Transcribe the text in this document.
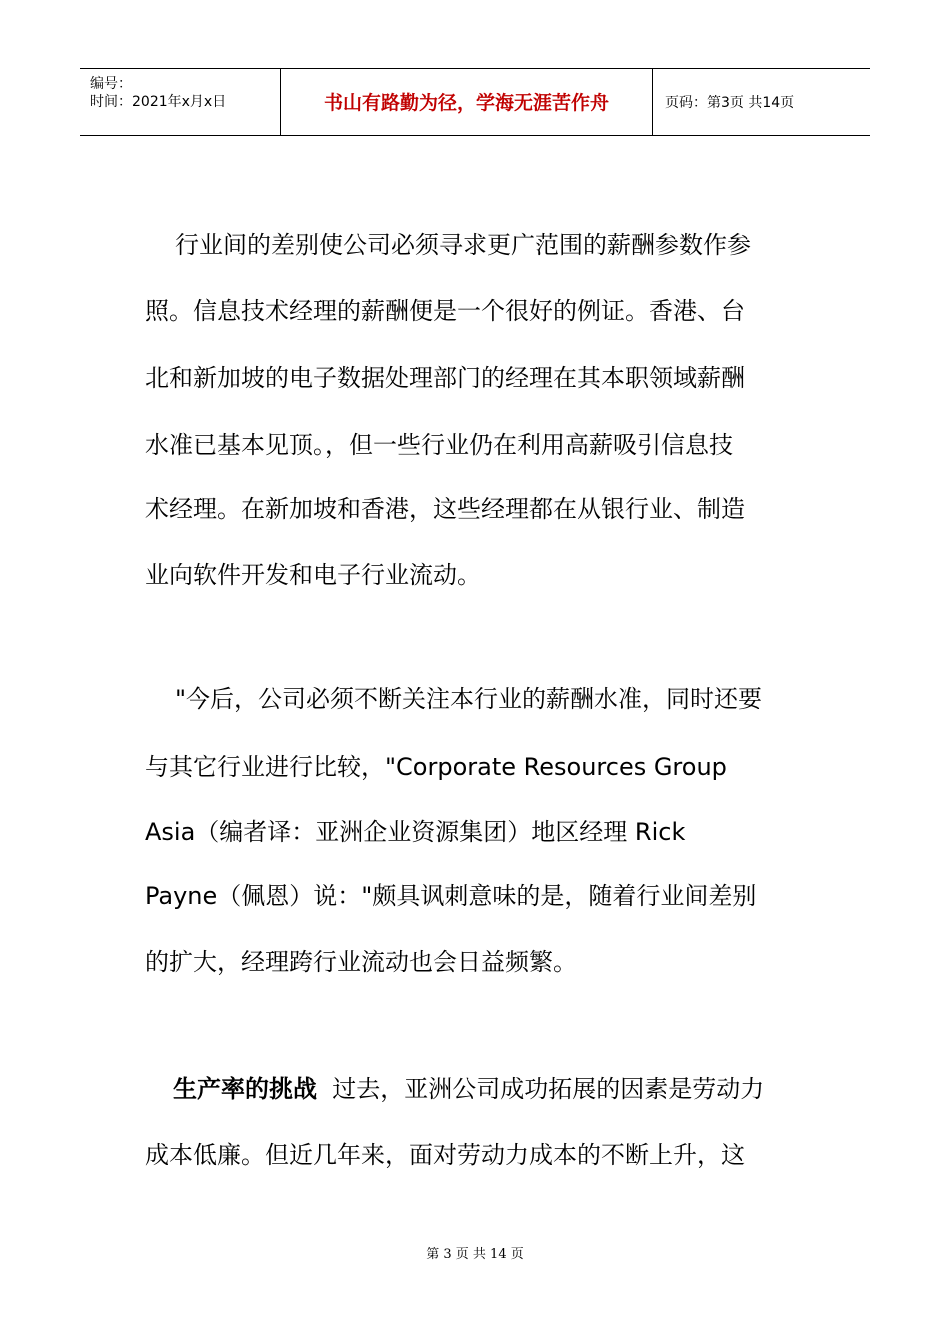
编号：
时间：2021年x月x日	书山有路勤为径，学海无涯苦作舟	页码：第3页 共14页
行业间的差别使公司必须寻求更广范围的薪酬参数作参
照。信息技术经理的薪酬便是一个很好的例证。香港、台
北和新加坡的电子数据处理部门的经理在其本职领域薪酬
水准已基本见顶。，但一些行业仍在利用高薪吸引信息技
术经理。在新加坡和香港，这些经理都在从银行业、制造
业向软件开发和电子行业流动。
"今后，公司必须不断关注本行业的薪酬水准，同时还要
与其它行业进行比较，"Corporate Resources Group
Asia（编者译：亚洲企业资源集团）地区经理 Rick
Payne（佩恩）说："颇具讽刺意味的是，随着行业间差别
的扩大，经理跨行业流动也会日益频繁。
生产率的挑战 过去，亚洲公司成功拓展的因素是劳动力
成本低廉。但近几年来，面对劳动力成本的不断上升，这
第 3 页 共 14 页
